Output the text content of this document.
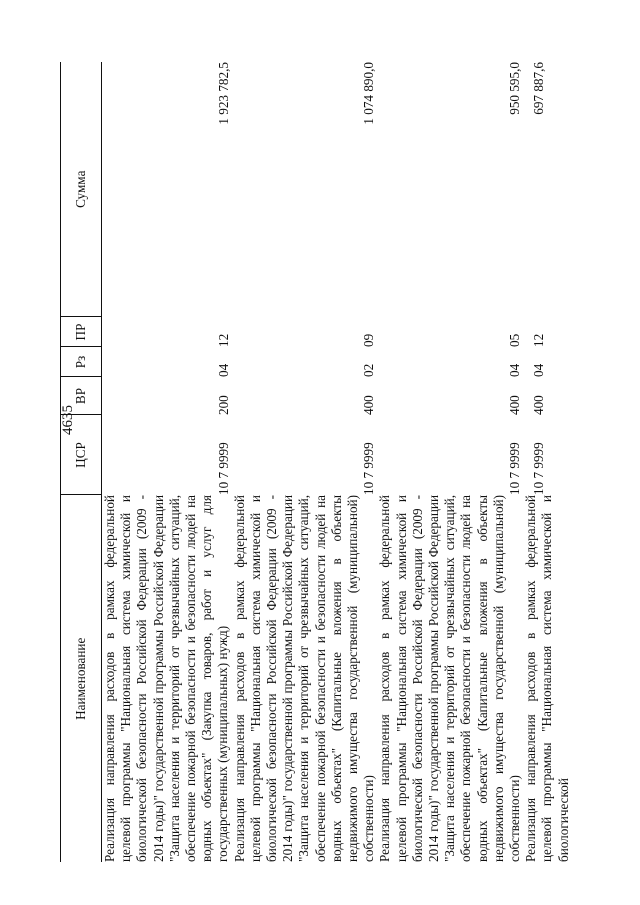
4635
Наименование	ЦСР	ВР	Рз	ПР	Сумма
Реализация направления расходов в рамках федеральной целевой программы "Национальная система химической и биологической безопасности Российской Федерации (2009 - 2014 годы)" государственной программы Российской Федерации "Защита населения и территорий от чрезвычайных ситуаций, обеспечение пожарной безопасности и безопасности людей на водных объектах" (Закупка товаров, работ и услуг для государственных (муниципальных) нужд)	10 7 9999	200	04	12	1 923 782,5
Реализация направления расходов в рамках федеральной целевой программы "Национальная система химической и биологической безопасности Российской Федерации (2009 - 2014 годы)" государственной программы Российской Федерации "Защита населения и территорий от чрезвычайных ситуаций, обеспечение пожарной безопасности и безопасности людей на водных объектах" (Капитальные вложения в объекты недвижимого имущества государственной (муниципальной) собственности)	10 7 9999	400	02	09	1 074 890,0
Реализация направления расходов в рамках федеральной целевой программы "Национальная система химической и биологической безопасности Российской Федерации (2009 - 2014 годы)" государственной программы Российской Федерации "Защита населения и территорий от чрезвычайных ситуаций, обеспечение пожарной безопасности и безопасности людей на водных объектах" (Капитальные вложения в объекты недвижимого имущества государственной (муниципальной) собственности)	10 7 9999	400	04	05	950 595,0
Реализация направления расходов в рамках федеральной целевой программы "Национальная система химической и биологической	10 7 9999	400	04	12	697 887,6
